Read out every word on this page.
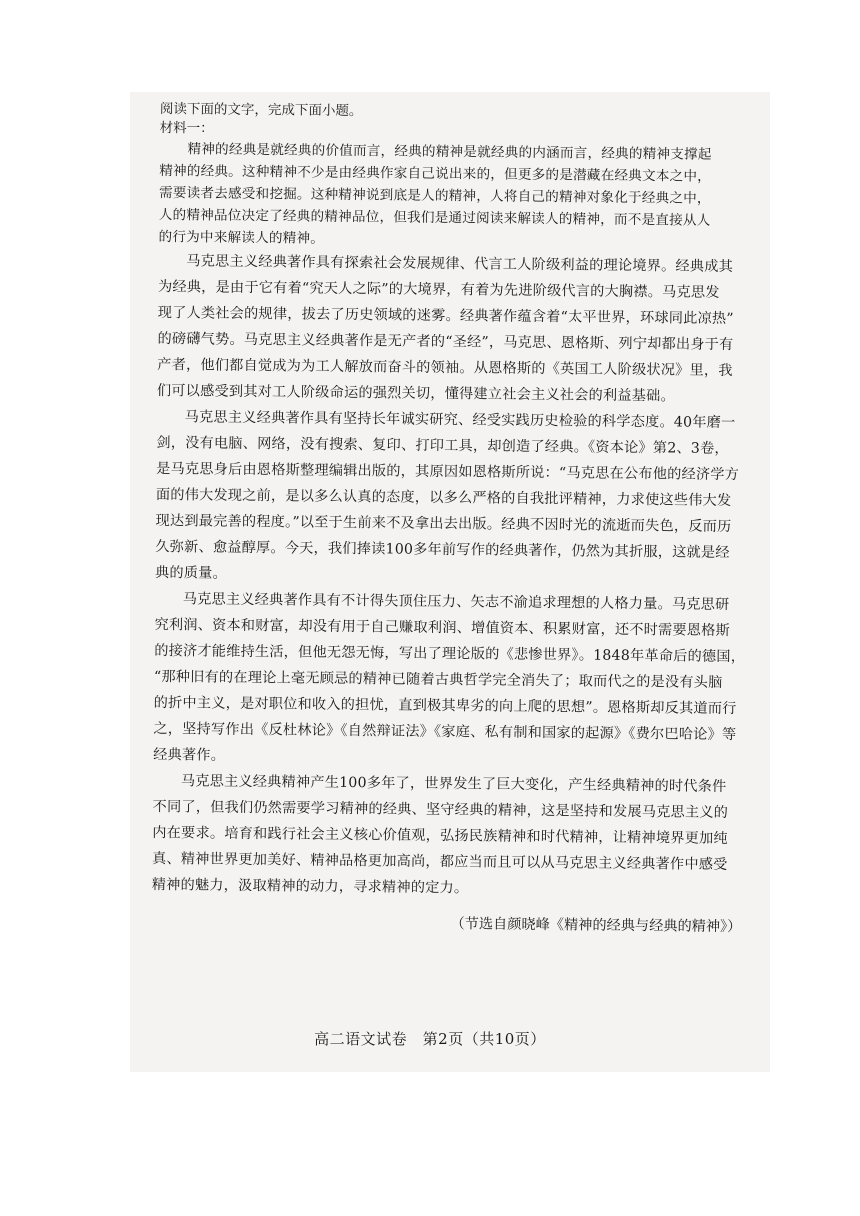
阅读下面的文字，完成下面小题。

材料一：

精神的经典是就经典的价值而言，经典的精神是就经典的内涵而言，经典的精神支撑起
精神的经典。这种精神不少是由经典作家自己说出来的，但更多的是潜藏在经典文本之中，
需要读者去感受和挖掘。这种精神说到底是人的精神，人将自己的精神对象化于经典之中，
人的精神品位决定了经典的精神品位，但我们是通过阅读来解读人的精神，而不是直接从人
的行为中来解读人的精神。

马克思主义经典著作具有探索社会发展规律、代言工人阶级利益的理论境界。经典成其
为经典，是由于它有着“究天人之际”的大境界，有着为先进阶级代言的大胸襟。马克思发
现了人类社会的规律，拔去了历史领域的迷雾。经典著作蕴含着“太平世界，环球同此凉热”
的磅礴气势。马克思主义经典著作是无产者的“圣经”，马克思、恩格斯、列宁却都出身于有
产者，他们都自觉成为为工人解放而奋斗的领袖。从恩格斯的《英国工人阶级状况》里，我
们可以感受到其对工人阶级命运的强烈关切，懂得建立社会主义社会的利益基础。

马克思主义经典著作具有坚持长年诚实研究、经受实践历史检验的科学态度。40年磨一
剑，没有电脑、网络，没有搜索、复印、打印工具，却创造了经典。《资本论》第2、3卷，
是马克思身后由恩格斯整理编辑出版的，其原因如恩格斯所说：“马克思在公布他的经济学方
面的伟大发现之前，是以多么认真的态度，以多么严格的自我批评精神，力求使这些伟大发
现达到最完善的程度。”以至于生前来不及拿出去出版。经典不因时光的流逝而失色，反而历
久弥新、愈益醇厚。今天，我们捧读100多年前写作的经典著作，仍然为其折服，这就是经
典的质量。

马克思主义经典著作具有不计得失顶住压力、矢志不渝追求理想的人格力量。马克思研
究利润、资本和财富，却没有用于自己赚取利润、增值资本、积累财富，还不时需要恩格斯
的接济才能维持生活，但他无怨无悔，写出了理论版的《悲惨世界》。1848年革命后的德国，
“那种旧有的在理论上毫无顾忌的精神已随着古典哲学完全消失了；取而代之的是没有头脑
的折中主义，是对职位和收入的担忧，直到极其卑劣的向上爬的思想”。恩格斯却反其道而行
之，坚持写作出《反杜林论》《自然辩证法》《家庭、私有制和国家的起源》《费尔巴哈论》等
经典著作。

马克思主义经典精神产生100多年了，世界发生了巨大变化，产生经典精神的时代条件
不同了，但我们仍然需要学习精神的经典、坚守经典的精神，这是坚持和发展马克思主义的
内在要求。培育和践行社会主义核心价值观，弘扬民族精神和时代精神，让精神境界更加纯
真、精神世界更加美好、精神品格更加高尚，都应当而且可以从马克思主义经典著作中感受
精神的魅力，汲取精神的动力，寻求精神的定力。

（节选自颜晓峰《精神的经典与经典的精神》）

高二语文试卷　第2页（共10页）
